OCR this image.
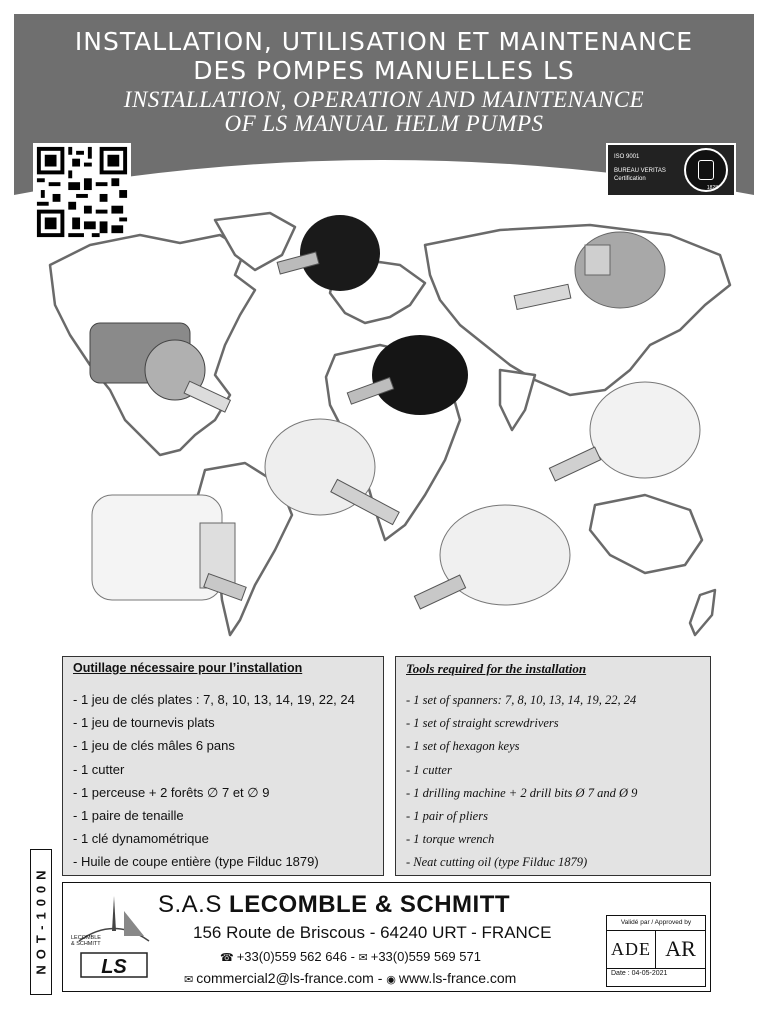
INSTALLATION, UTILISATION ET MAINTENANCE
DES POMPES MANUELLES LS
INSTALLATION, OPERATION AND MAINTENANCE
OF LS MANUAL HELM PUMPS
ISO 9001
BUREAU VERITAS
Certification
1828
Outillage nécessaire pour l’installation
- 1 jeu de clés plates : 7, 8, 10, 13, 14, 19, 22, 24
- 1 jeu de tournevis plats
- 1 jeu de clés mâles 6 pans
- 1 cutter
- 1 perceuse + 2 forêts ∅ 7 et ∅ 9
- 1 paire de tenaille
- 1 clé dynamométrique
- Huile de coupe entière (type Filduc 1879)
Tools required for the installation
- 1 set of spanners: 7, 8, 10, 13, 14, 19, 22, 24
- 1 set of straight screwdrivers
- 1 set of hexagon keys
- 1 cutter
- 1 drilling machine + 2 drill bits Ø 7 and Ø 9
- 1 pair of pliers
- 1 torque wrench
- Neat cutting oil (type Filduc 1879)
NOT-100N	LS
LECOMBLE
& SCHMITT
S.A.S LECOMBLE & SCHMITT
156 Route de Briscous - 64240 URT - FRANCE
☎ +33(0)559 562 646 - ✉ +33(0)559 569 571
✉ commercial2@ls-france.com - ◉ www.ls-france.com
Validé par / Approved by
ADE AR
Date : 04-05-2021
